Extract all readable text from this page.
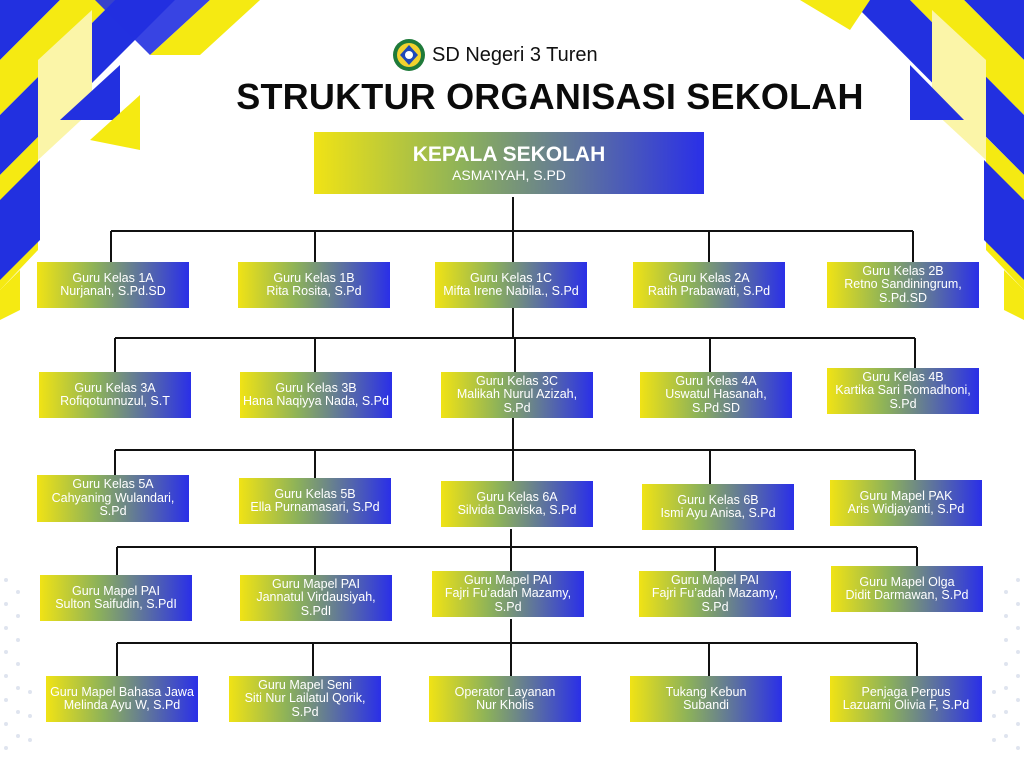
SD Negeri 3 Turen
STRUKTUR ORGANISASI SEKOLAH
KEPALA SEKOLAH
ASMA’IYAH, S.PD
Guru Kelas 1A
Nurjanah, S.Pd.SD
Guru Kelas 1B
Rita Rosita, S.Pd
Guru Kelas 1C
Mifta Irene Nabila., S.Pd
Guru Kelas 2A
Ratih Prabawati, S.Pd
Guru Kelas 2B
Retno Sandiningrum, S.Pd.SD
Guru Kelas 3A
Rofiqotunnuzul, S.T
Guru Kelas 3B
Hana Naqiyya Nada, S.Pd
Guru Kelas 3C
Malikah Nurul Azizah, S.Pd
Guru Kelas 4A
Uswatul Hasanah, S.Pd.SD
Guru Kelas 4B
Kartika Sari Romadhoni, S.Pd
Guru Kelas 5A
Cahyaning Wulandari, S.Pd
Guru Kelas 5B
Ella Purnamasari, S.Pd
Guru Kelas 6A
Silvida Daviska, S.Pd
Guru Kelas 6B
Ismi Ayu Anisa, S.Pd
Guru Mapel PAK
Aris Widjayanti, S.Pd
Guru Mapel PAI
Sulton Saifudin, S.PdI
Guru Mapel PAI
Jannatul Virdausiyah, S.PdI
Guru Mapel PAI
Fajri Fu’adah Mazamy, S.Pd
Guru Mapel PAI
Fajri Fu’adah Mazamy, S.Pd
Guru Mapel Olga
Didit Darmawan, S.Pd
Guru Mapel Bahasa Jawa
Melinda Ayu W, S.Pd
Guru Mapel Seni
Siti Nur Lailatul Qorik, S.Pd
Operator Layanan
Nur Kholis
Tukang Kebun
Subandi
Penjaga Perpus
Lazuarni Olivia F, S.Pd
